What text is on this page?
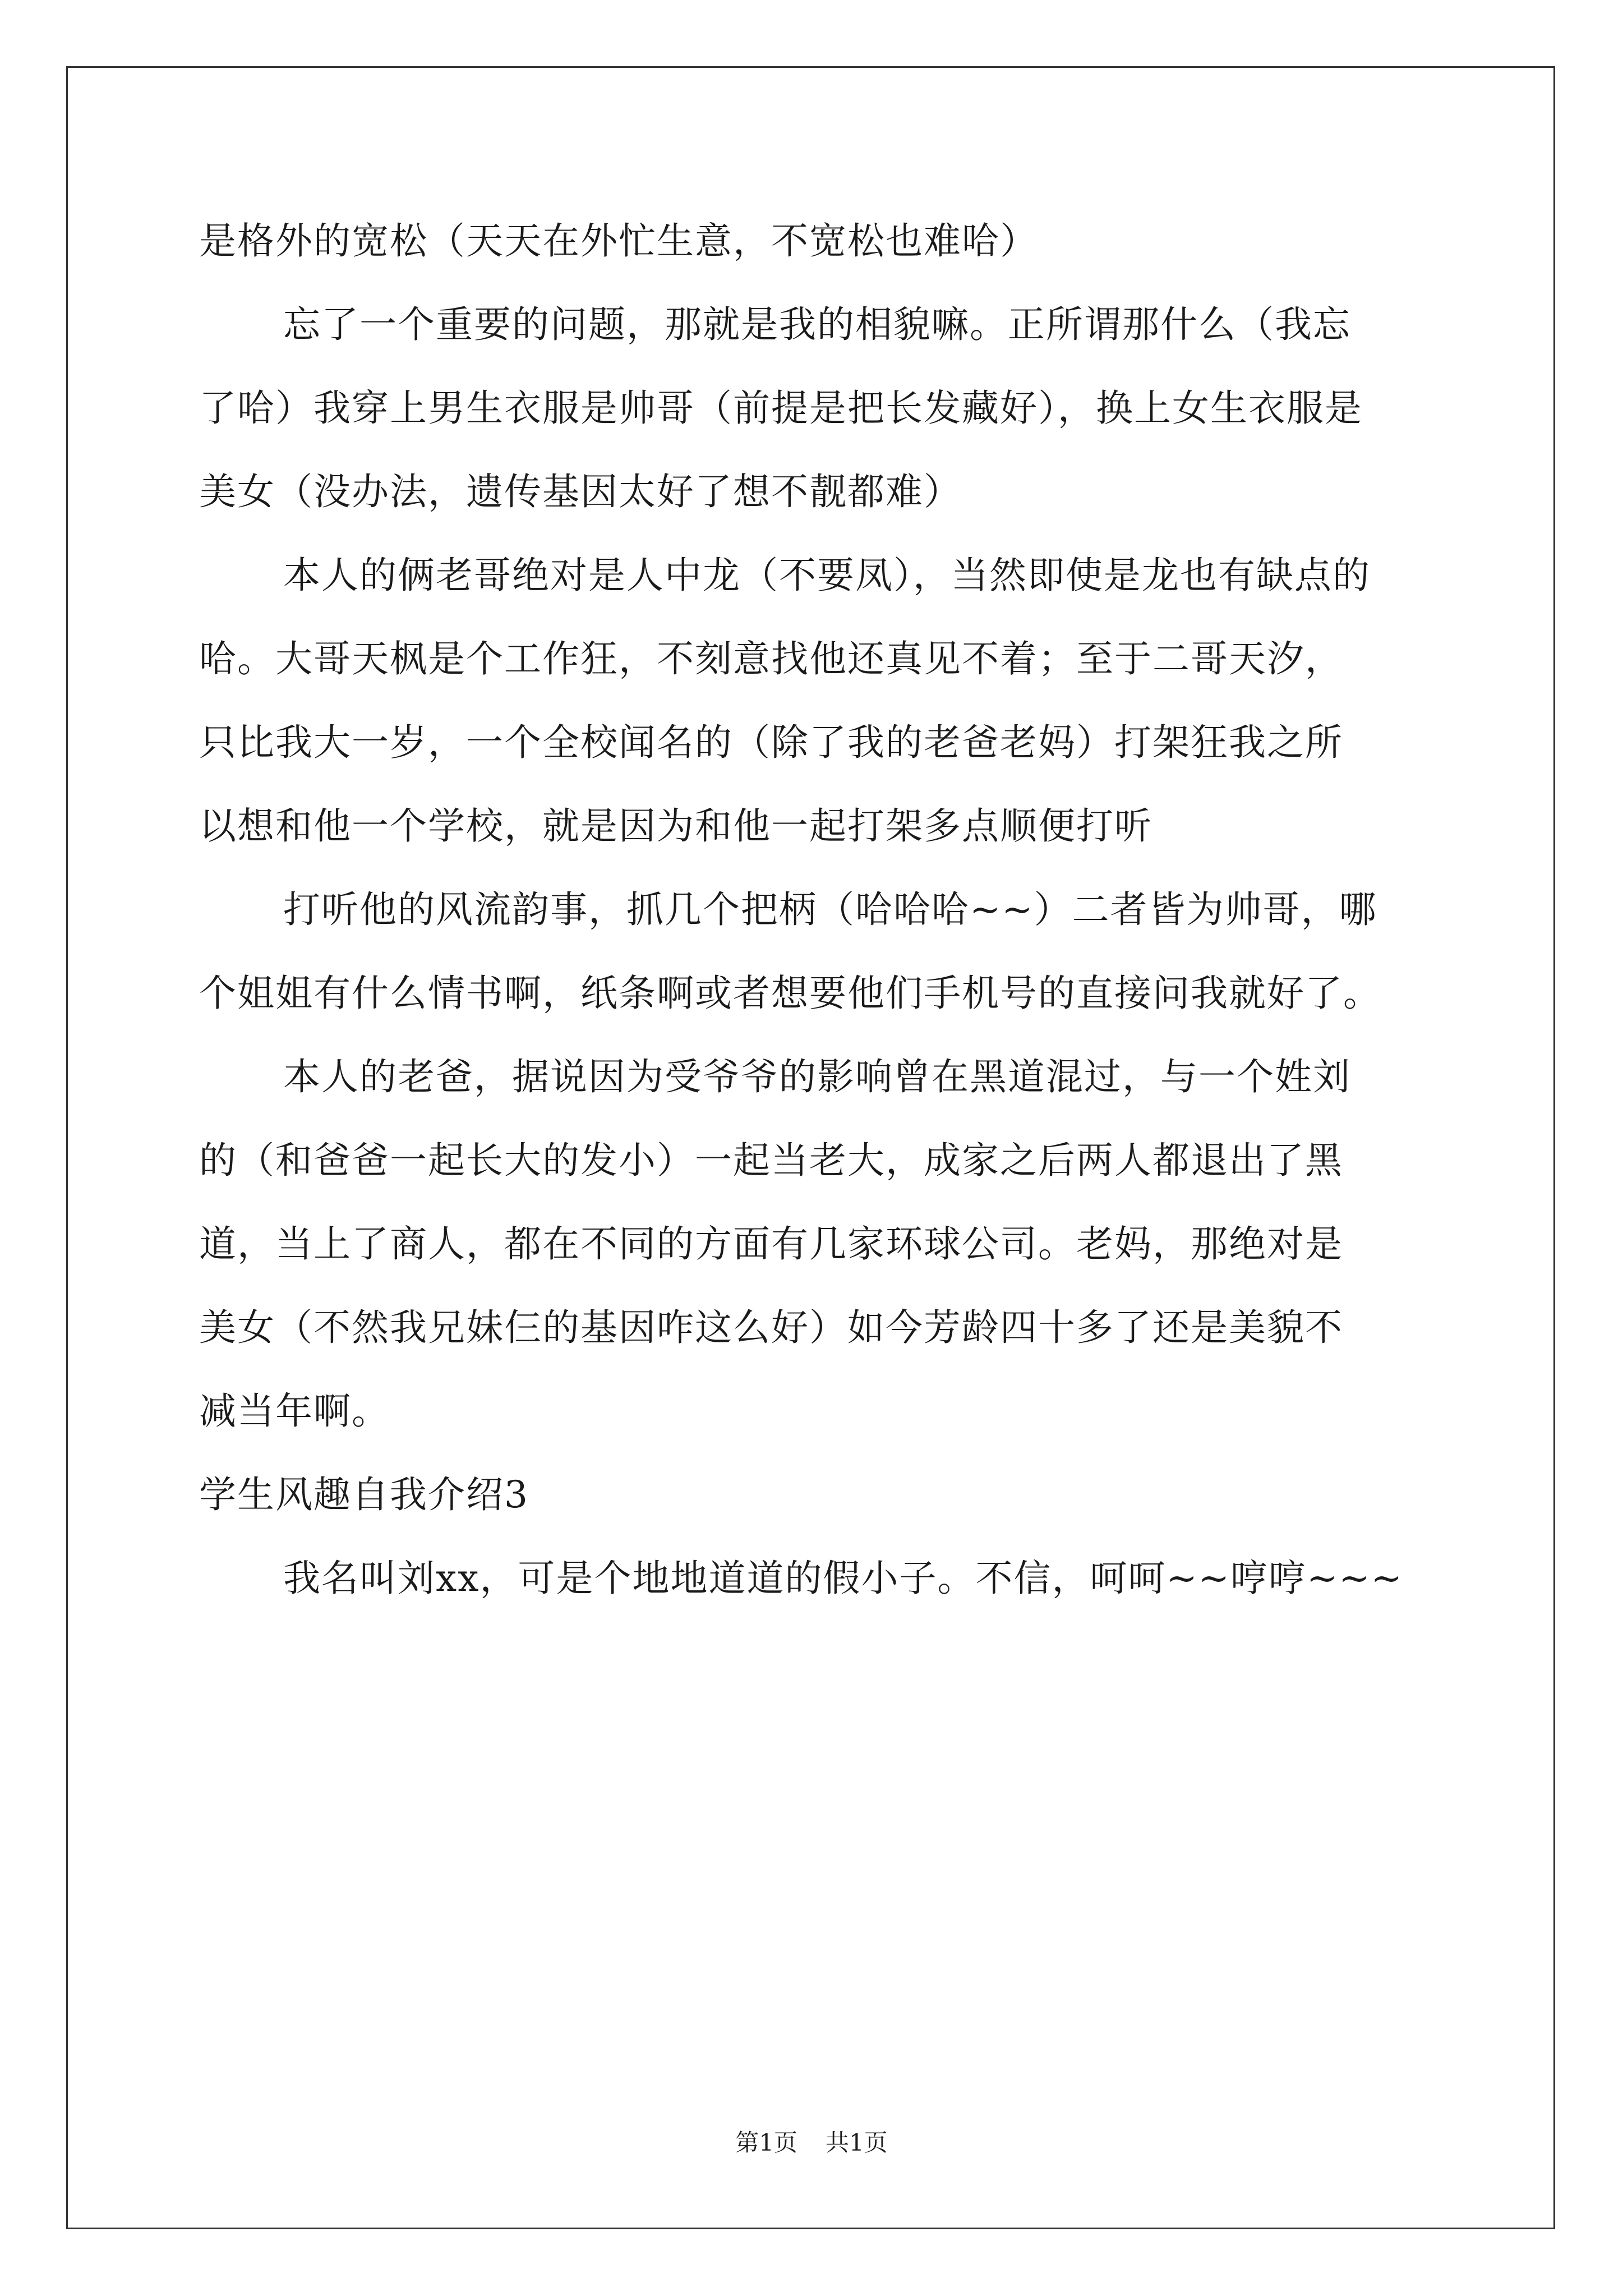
是格外的宽松（天天在外忙生意，不宽松也难哈）
忘了一个重要的问题，那就是我的相貌嘛。正所谓那什么（我忘
了哈）我穿上男生衣服是帅哥（前提是把长发藏好），换上女生衣服是
美女（没办法，遗传基因太好了想不靓都难）
本人的俩老哥绝对是人中龙（不要凤），当然即使是龙也有缺点的
哈。大哥天枫是个工作狂，不刻意找他还真见不着；至于二哥天汐，
只比我大一岁，一个全校闻名的（除了我的老爸老妈）打架狂我之所
以想和他一个学校，就是因为和他一起打架多点顺便打听
打听他的风流韵事，抓几个把柄（哈哈哈~~）二者皆为帅哥，哪
个姐姐有什么情书啊，纸条啊或者想要他们手机号的直接问我就好了。
本人的老爸，据说因为受爷爷的影响曾在黑道混过，与一个姓刘
的（和爸爸一起长大的发小）一起当老大，成家之后两人都退出了黑
道，当上了商人，都在不同的方面有几家环球公司。老妈，那绝对是
美女（不然我兄妹仨的基因咋这么好）如今芳龄四十多了还是美貌不
减当年啊。
学生风趣自我介绍3
我名叫刘xx，可是个地地道道的假小子。不信，呵呵~~哼哼~~~
第1页 共1页
